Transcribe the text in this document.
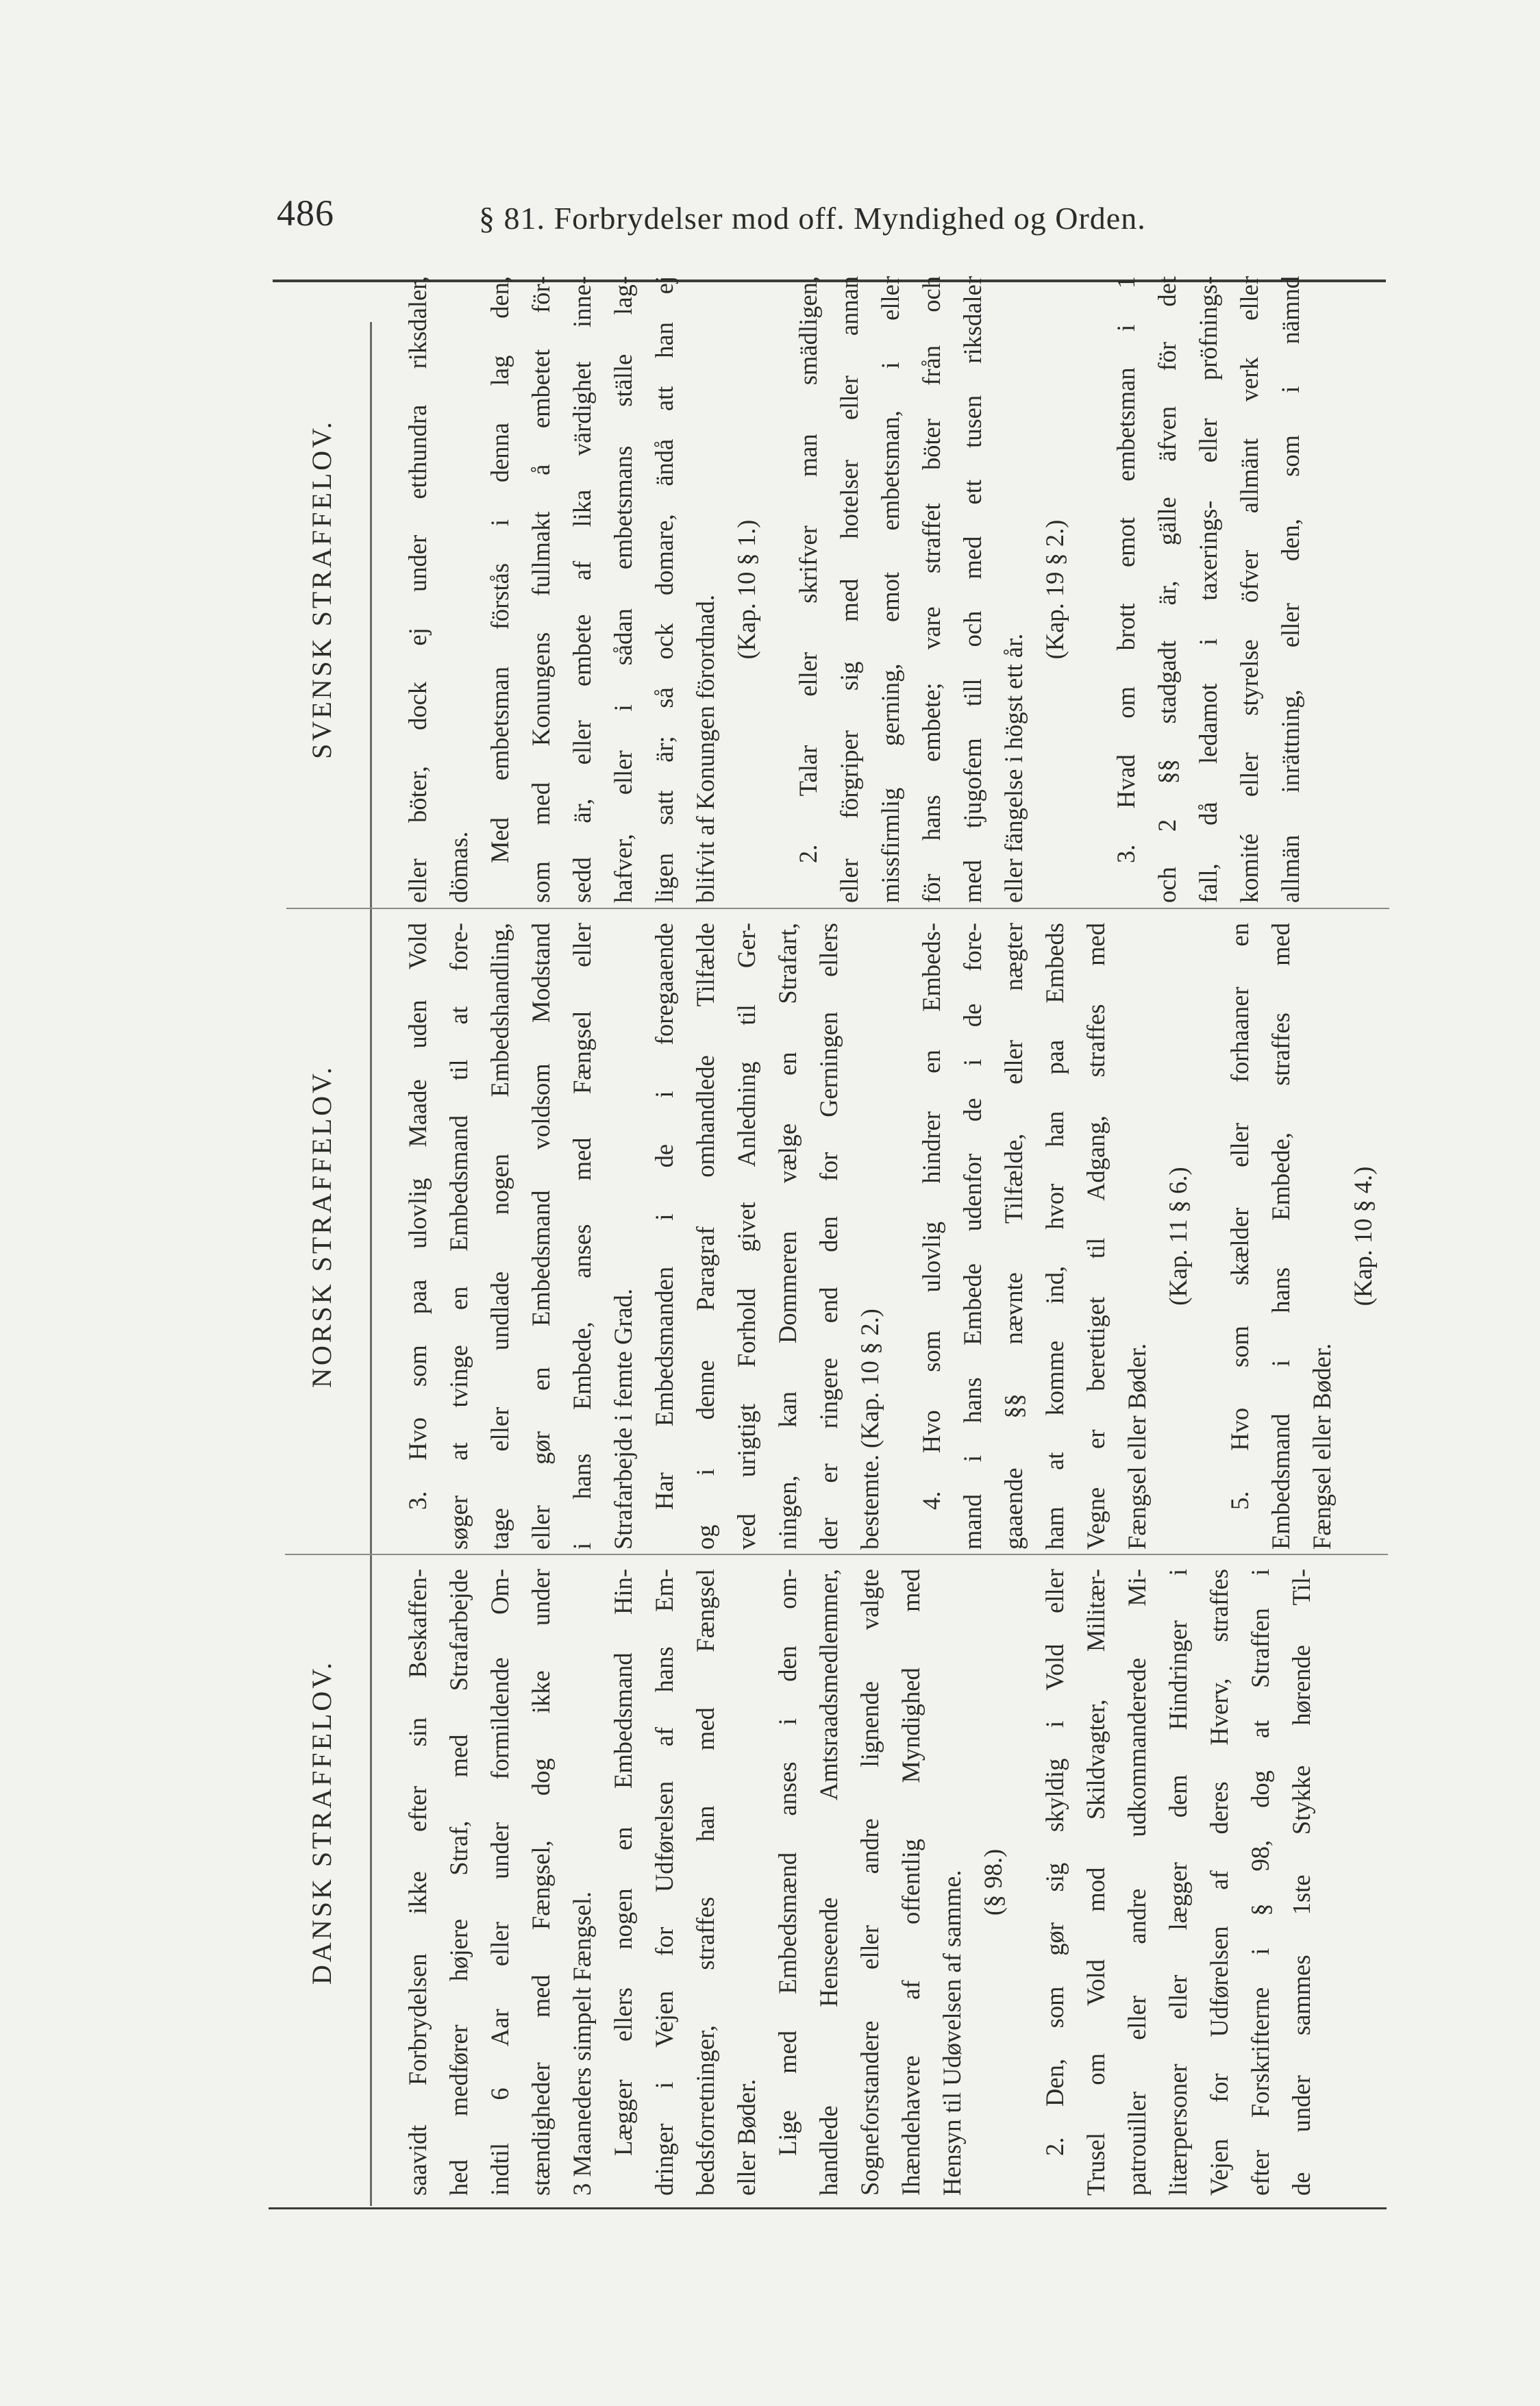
486	§ 81. Forbrydelser mod off. Myndighed og Orden.
DANSK STRAFFELOV.
NORSK STRAFFELOV.
SVENSK STRAFFELOV.
saavidt Forbrydelsen ikke efter sin Beskaffen- hed medfører højere Straf, med Strafarbejde indtil 6 Aar eller under formildende Om- stændigheder med Fængsel, dog ikke under 3 Maaneders simpelt Fængsel. Lægger ellers nogen en Embedsmand Hin- dringer i Vejen for Udførelsen af hans Em- bedsforretninger, straffes han med Fængsel eller Bøder. Lige med Embedsmænd anses i den om- handlede Henseende Amtsraadsmedlemmer, Sogneforstandere eller andre lignende valgte Ihændehavere af offentlig Myndighed med Hensyn til Udøvelsen af samme. (§ 98.) 2. Den, som gør sig skyldig i Vold eller Trusel om Vold mod Skildvagter, Militær- patrouiller eller andre udkommanderede Mi- litærpersoner eller lægger dem Hindringer i Vejen for Udførelsen af deres Hverv, straffes efter Forskrifterne i § 98, dog at Straffen i de under sammes 1ste Stykke hørende Til-
3. Hvo som paa ulovlig Maade uden Vold søger at tvinge en Embedsmand til at fore- tage eller undlade nogen Embedshandling, eller gør en Embedsmand voldsom Modstand i hans Embede, anses med Fængsel eller Strafarbejde i femte Grad. Har Embedsmanden i de i foregaaende og i denne Paragraf omhandlede Tilfælde ved urigtigt Forhold givet Anledning til Ger- ningen, kan Dommeren vælge en Strafart, der er ringere end den for Gerningen ellers bestemte. (Kap. 10 § 2.) 4. Hvo som ulovlig hindrer en Embeds- mand i hans Embede udenfor de i de fore- gaaende §§ nævnte Tilfælde, eller nægter ham at komme ind, hvor han paa Embeds Vegne er berettiget til Adgang, straffes med Fængsel eller Bøder.
(Kap. 11 § 6.) 5. Hvo som skælder eller forhaaner en Embedsmand i hans Embede, straffes med Fængsel eller Bøder.
(Kap. 10 § 4.)
eller böter, dock ej under etthundra riksdaler, dömas.
Med embetsman förstås i denna lag den, som med Konungens fullmakt å embetet för- sedd är, eller embete af lika värdighet inne- hafver, eller i sådan embetsmans ställe lag- ligen satt är; så ock domare, ändå att han ej blifvit af Konungen förordnad.
(Kap. 10 § 1.) 2. Talar eller skrifver man smädligen, eller förgriper sig med hotelser eller annan missfirmlig gerning, emot embetsman, i eller för hans embete; vare straffet böter från och med tjugofem till och med ett tusen riksdaler eller fängelse i högst ett år.
(Kap. 19 § 2.) 3. Hvad om brott emot embetsman i 1 och 2 §§ stadgadt är, gälle äfven för det fall, då ledamot i taxerings- eller pröfnings- komité eller styrelse öfver allmänt verk eller allmän inrättning, eller den, som i nämnd
